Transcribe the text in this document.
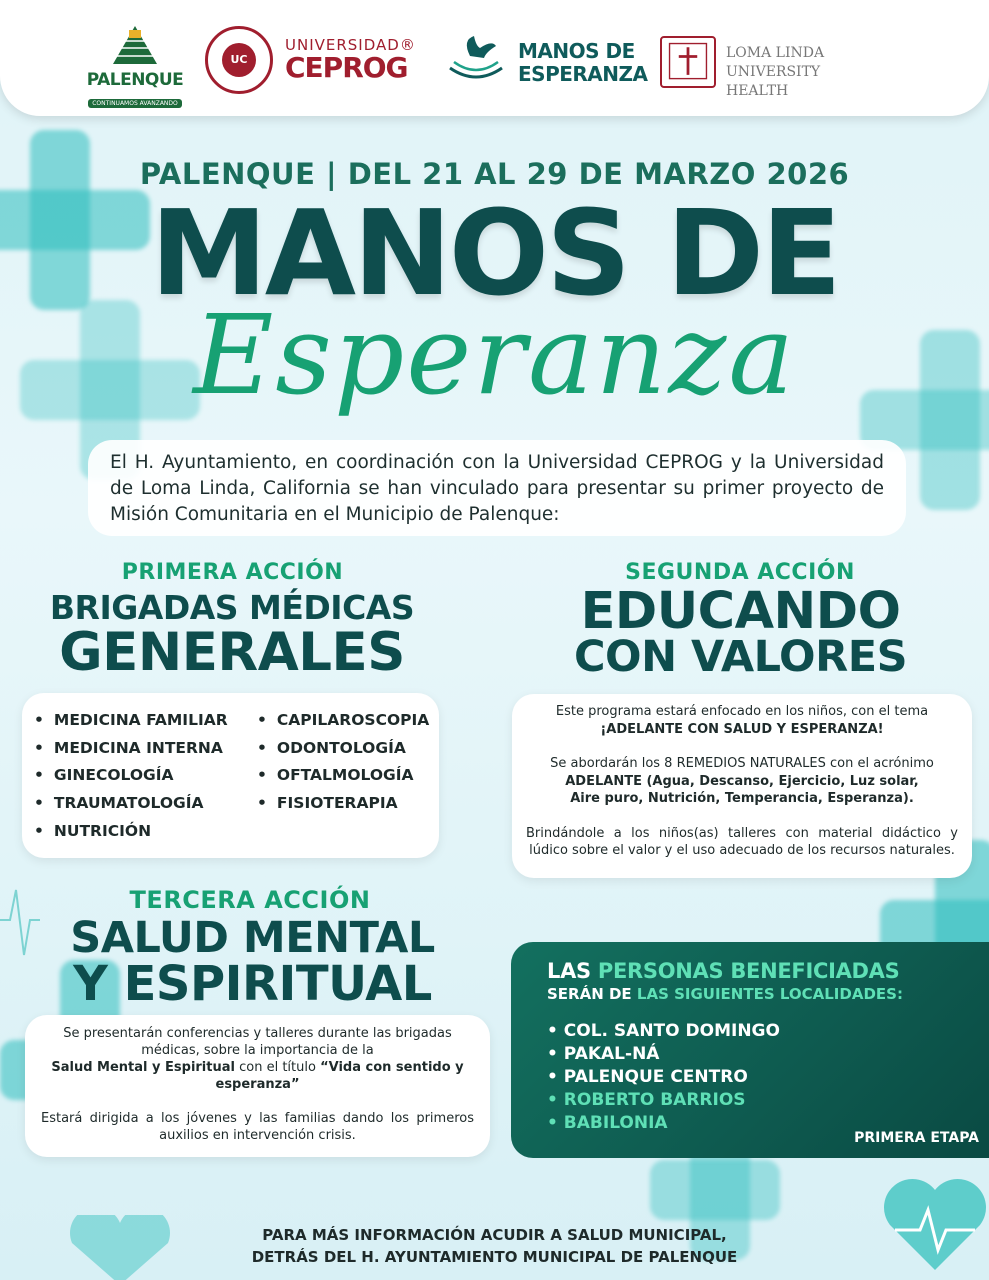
PALENQUE
CONTINUAMOS AVANZANDO
UC
UNIVERSIDAD®
CEPROG	MANOS DE
ESPERANZA
LOMA LINDA UNIVERSITY
HEALTH
PALENQUE | DEL 21 AL 29 DE MARZO 2026
MANOS DE
Esperanza
El H. Ayuntamiento, en coordinación con la Universidad CEPROG y la Universidad de Loma Linda, California se han vinculado para presentar su primer proyecto de Misión Comunitaria en el Municipio de Palenque:
PRIMERA ACCIÓN
BRIGADAS MÉDICAS
GENERALES
• MEDICINA FAMILIAR
• MEDICINA INTERNA
• GINECOLOGÍA
• TRAUMATOLOGÍA
• NUTRICIÓN
• CAPILAROSCOPIA
• ODONTOLOGÍA
• OFTALMOLOGÍA
• FISIOTERAPIA
SEGUNDA ACCIÓN
EDUCANDO
CON VALORES

Este programa estará enfocado en los niños, con el tema
¡ADELANTE CON SALUD Y ESPERANZA!

Se abordarán los 8 REMEDIOS NATURALES con el acrónimo
ADELANTE (Agua, Descanso, Ejercicio, Luz solar,
Aire puro, Nutrición, Temperancia, Esperanza).

Brindándole a los niños(as) talleres con material didáctico y lúdico sobre el valor y el uso adecuado de los recursos naturales.

TERCERA ACCIÓN
SALUD MENTAL
Y ESPIRITUAL

Se presentarán conferencias y talleres durante las brigadas médicas, sobre la importancia de la
Salud Mental y Espiritual con el título “Vida con sentido y esperanza”

Estará dirigida a los jóvenes y las familias dando los primeros auxilios en intervención crisis.

LAS PERSONAS BENEFICIADAS
SERÁN DE LAS SIGUIENTES LOCALIDADES:
• COL. SANTO DOMINGO
• PAKAL-NÁ
• PALENQUE CENTRO
• ROBERTO BARRIOS
• BABILONIA
PRIMERA ETAPA
PARA MÁS INFORMACIÓN ACUDIR A SALUD MUNICIPAL,
DETRÁS DEL H. AYUNTAMIENTO MUNICIPAL DE PALENQUE
